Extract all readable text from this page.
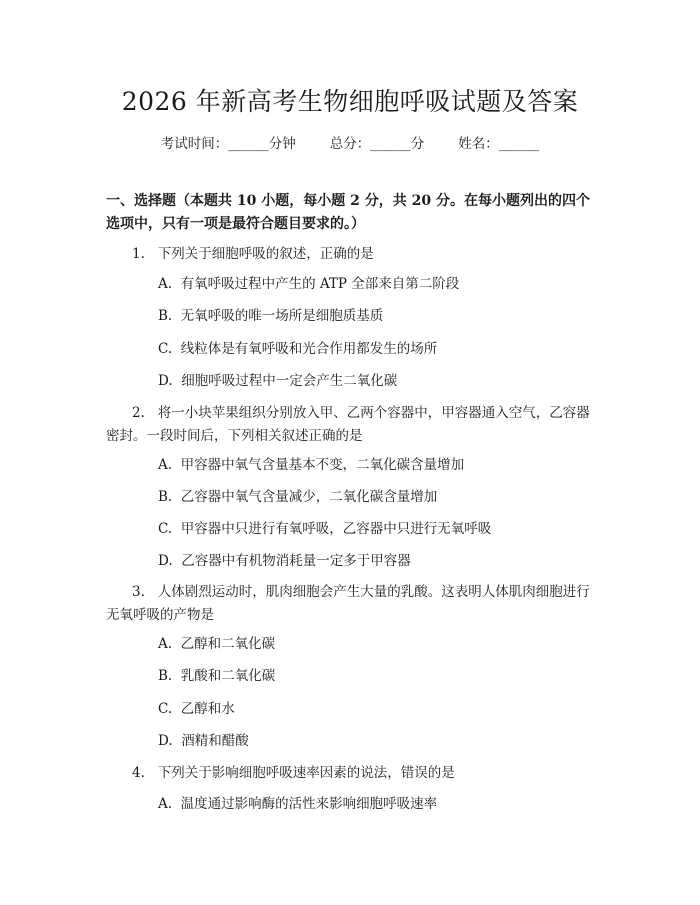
2026 年新高考生物细胞呼吸试题及答案
考试时间：______分钟	总分：______分	姓名：______
一、选择题（本题共 10 小题，每小题 2 分，共 20 分。在每小题列出的四个选项中，只有一项是最符合题目要求的。）
1.   下列关于细胞呼吸的叙述，正确的是
A.  有氧呼吸过程中产生的 ATP 全部来自第二阶段
B.  无氧呼吸的唯一场所是细胞质基质
C.  线粒体是有氧呼吸和光合作用都发生的场所
D.  细胞呼吸过程中一定会产生二氧化碳
2.   将一小块苹果组织分别放入甲、乙两个容器中，甲容器通入空气，乙容器密封。一段时间后，下列相关叙述正确的是
A.  甲容器中氧气含量基本不变，二氧化碳含量增加
B.  乙容器中氧气含量减少，二氧化碳含量增加
C.  甲容器中只进行有氧呼吸，乙容器中只进行无氧呼吸
D.  乙容器中有机物消耗量一定多于甲容器
3.   人体剧烈运动时，肌肉细胞会产生大量的乳酸。这表明人体肌肉细胞进行无氧呼吸的产物是
A.  乙醇和二氧化碳
B.  乳酸和二氧化碳
C.  乙醇和水
D.  酒精和醋酸
4.   下列关于影响细胞呼吸速率因素的说法，错误的是
A.  温度通过影响酶的活性来影响细胞呼吸速率
